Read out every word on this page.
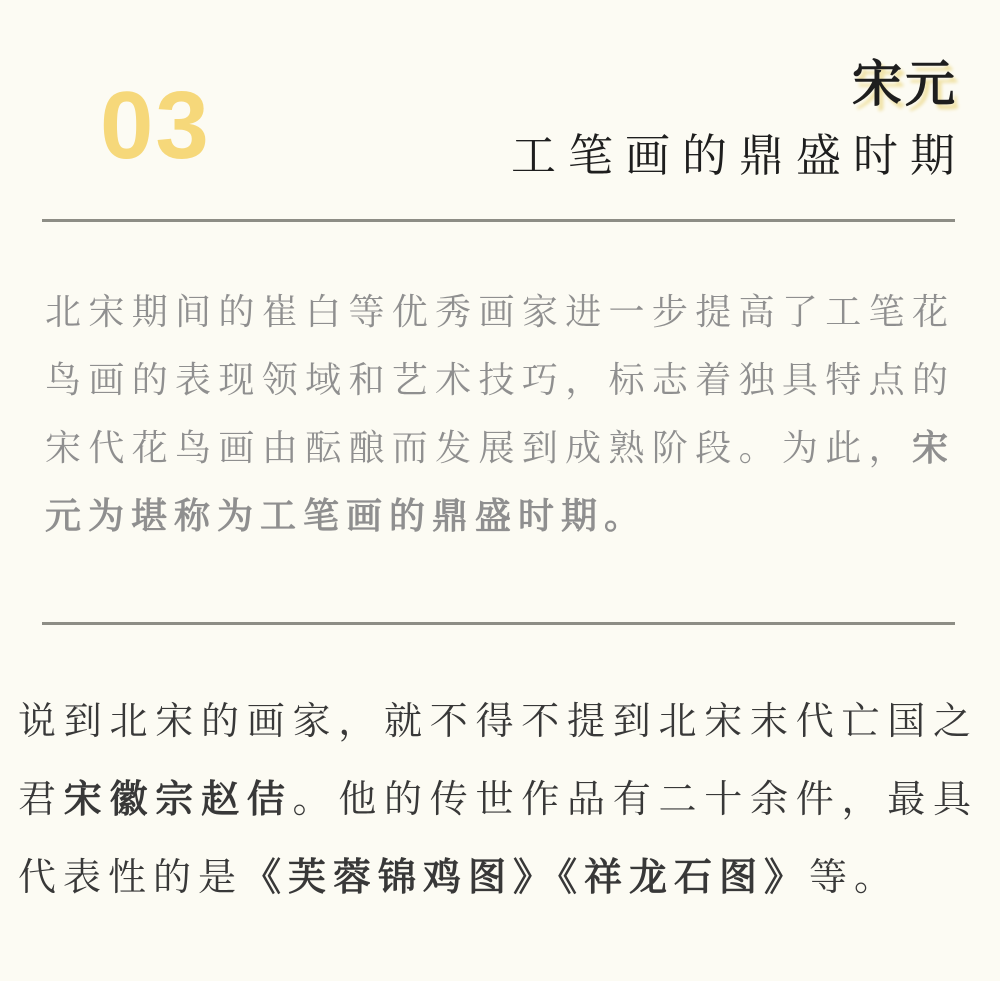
03	宋元
工笔画的鼎盛时期

北宋期间的崔白等优秀画家进一步提高了工笔花鸟画的表现领域和艺术技巧，标志着独具特点的宋代花鸟画由酝酿而发展到成熟阶段。为此，宋元为堪称为工笔画的鼎盛时期。

说到北宋的画家，就不得不提到北宋末代亡国之君宋徽宗赵佶。他的传世作品有二十余件，最具代表性的是《芙蓉锦鸡图》《祥龙石图》等。
